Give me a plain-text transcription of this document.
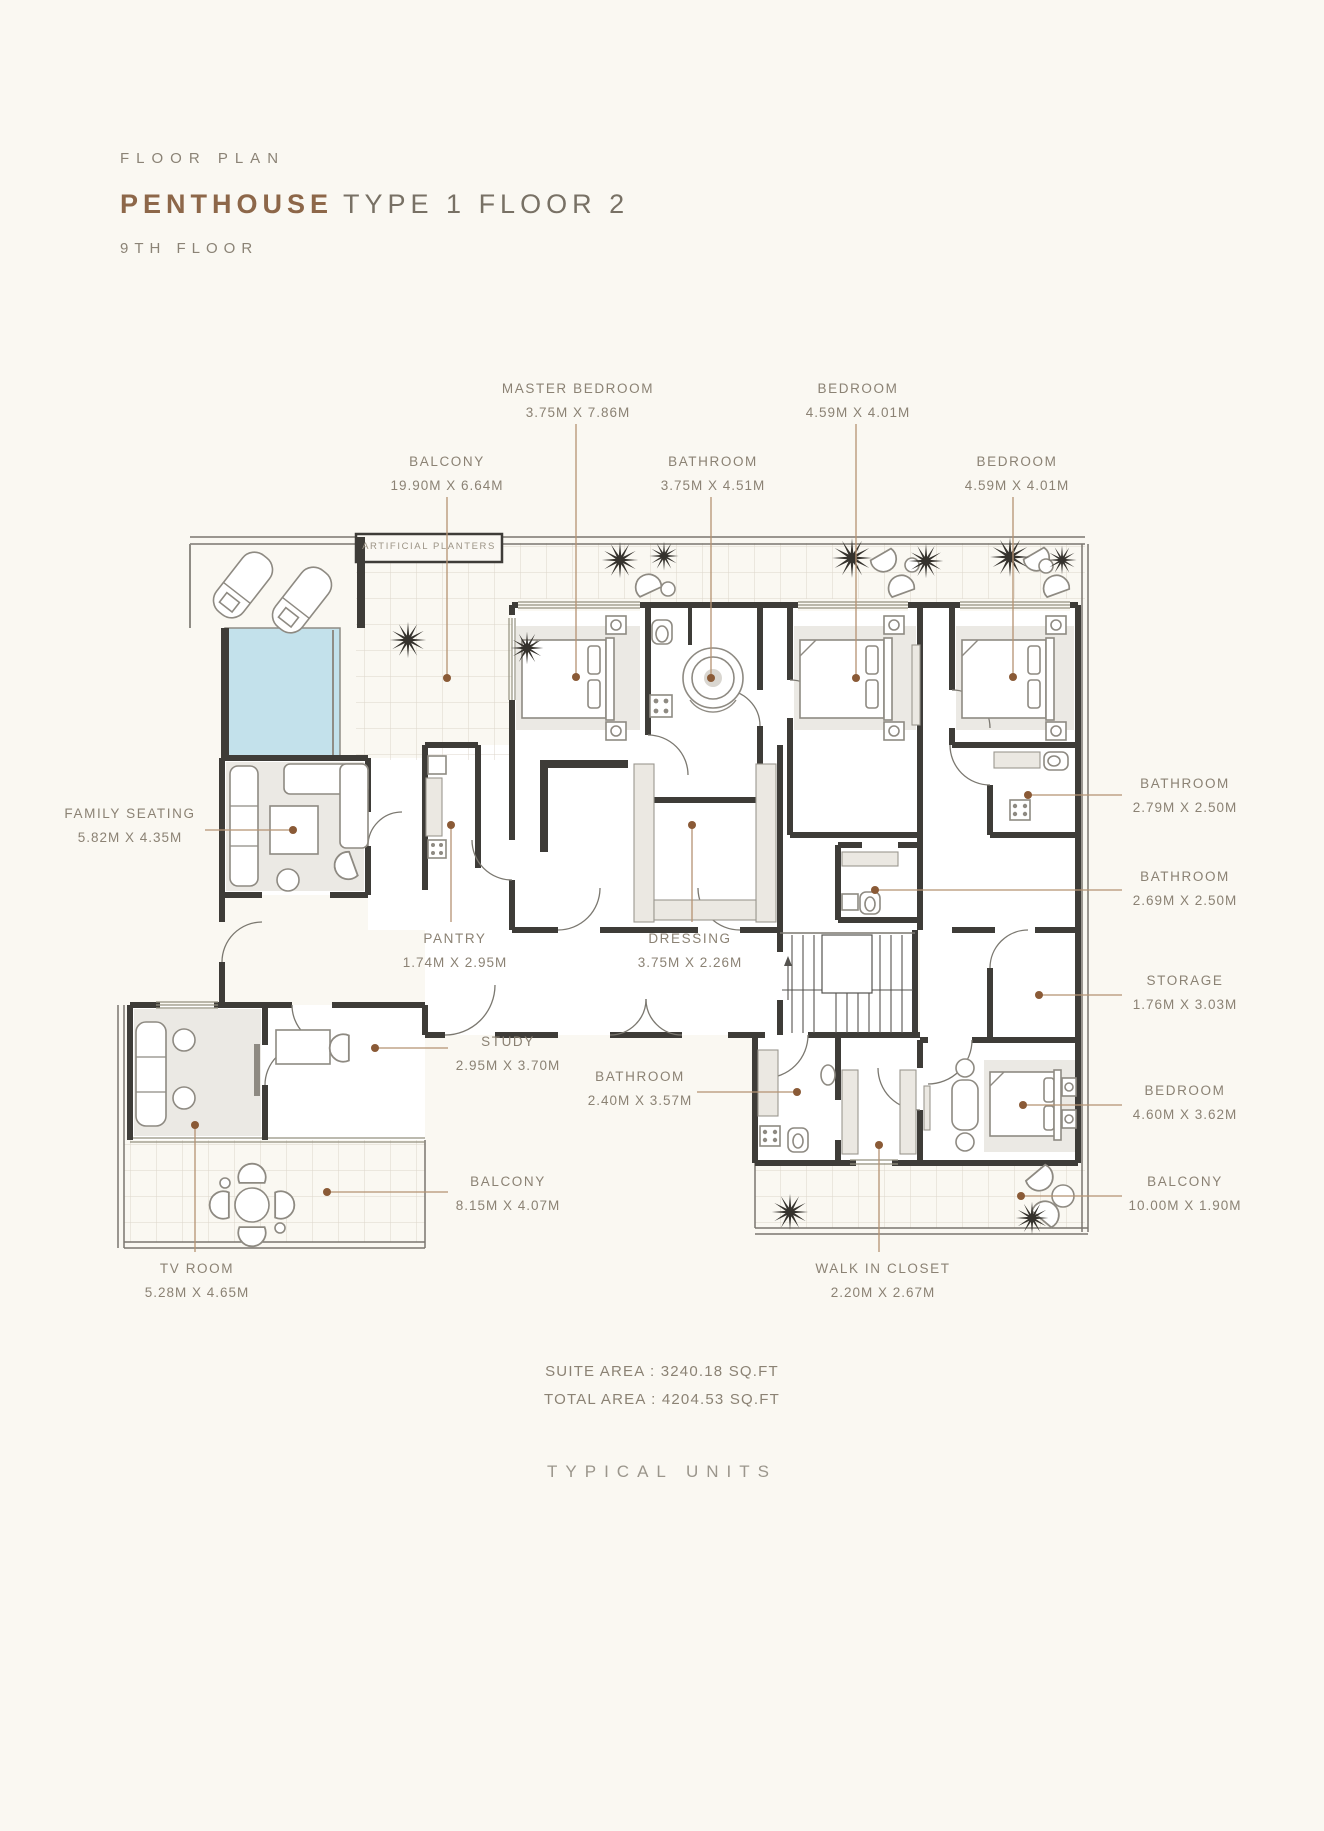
FLOOR PLAN
PENTHOUSE TYPE 1 FLOOR 2
9TH FLOOR
ARTIFICIAL PLANTERS
MASTER BEDROOM
3.75M X 7.86M
BEDROOM
4.59M X 4.01M
BALCONY
19.90M X 6.64M
BATHROOM
3.75M X 4.51M
BEDROOM
4.59M X 4.01M
FAMILY SEATING
5.82M X 4.35M
BATHROOM
2.79M X 2.50M
BATHROOM
2.69M X 2.50M
STORAGE
1.76M X 3.03M
BEDROOM
4.60M X 3.62M
BALCONY
10.00M X 1.90M
PANTRY
1.74M X 2.95M
DRESSING
3.75M X 2.26M
STUDY
2.95M X 3.70M
BATHROOM
2.40M X 3.57M
BALCONY
8.15M X 4.07M
TV ROOM
5.28M X 4.65M
WALK IN CLOSET
2.20M X 2.67M
SUITE AREA : 3240.18 SQ.FT
TOTAL AREA : 4204.53 SQ.FT
TYPICAL UNITS
